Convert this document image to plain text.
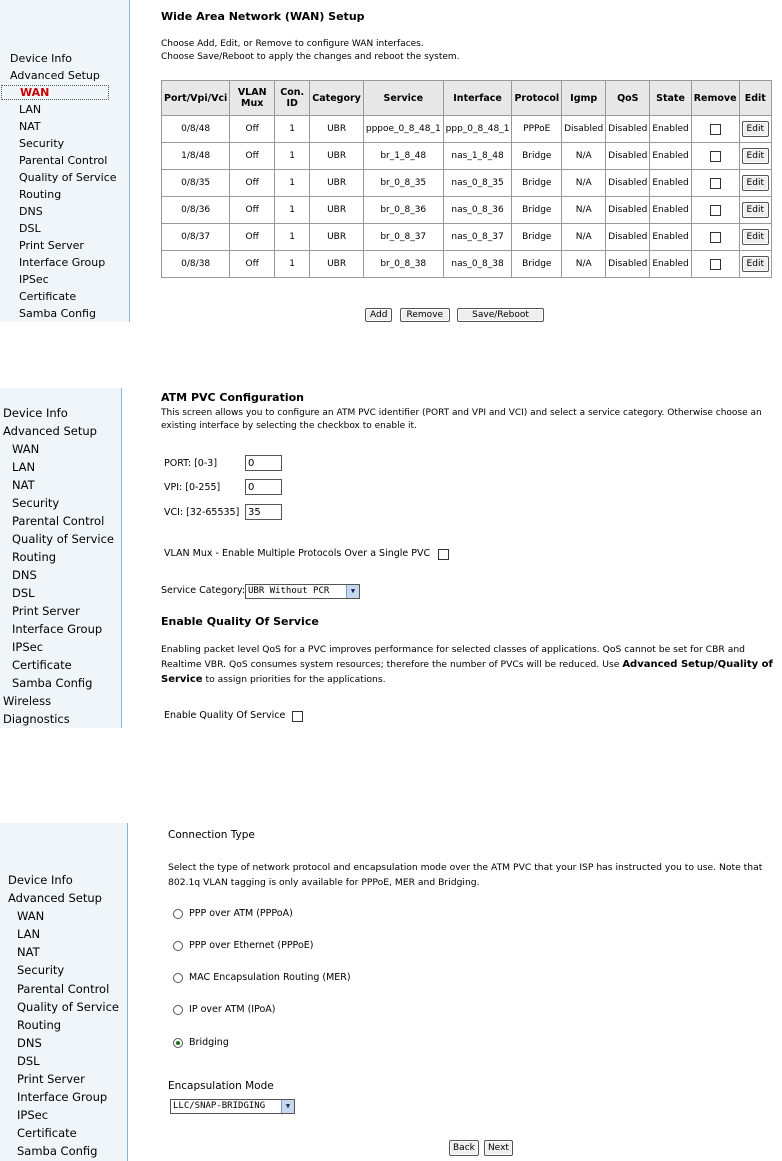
Device Info
Advanced Setup
WAN
LAN
NAT
Security
Parental Control
Quality of Service
Routing
DNS
DSL
Print Server
Interface Group
IPSec
Certificate
Samba Config
Wide Area Network (WAN) Setup
Choose Add, Edit, or Remove to configure WAN interfaces.
Choose Save/Reboot to apply the changes and reboot the system.
Port/Vpi/Vci	VLAN Mux	Con. ID	Category	Service	Interface	Protocol	Igmp	QoS	State	Remove	Edit
0/8/48	Off	1	UBR	pppoe_0_8_48_1	ppp_0_8_48_1	PPPoE	Disabled	Disabled	Enabled		Edit
1/8/48	Off	1	UBR	br_1_8_48	nas_1_8_48	Bridge	N/A	Disabled	Enabled		Edit
0/8/35	Off	1	UBR	br_0_8_35	nas_0_8_35	Bridge	N/A	Disabled	Enabled		Edit
0/8/36	Off	1	UBR	br_0_8_36	nas_0_8_36	Bridge	N/A	Disabled	Enabled		Edit
0/8/37	Off	1	UBR	br_0_8_37	nas_0_8_37	Bridge	N/A	Disabled	Enabled		Edit
0/8/38	Off	1	UBR	br_0_8_38	nas_0_8_38	Bridge	N/A	Disabled	Enabled		Edit
Add Remove	Save/Reboot
Device Info
Advanced Setup
WAN
LAN
NAT
Security
Parental Control
Quality of Service
Routing
DNS
DSL
Print Server
Interface Group
IPSec
Certificate
Samba Config
Wireless
Diagnostics
ATM PVC Configuration
This screen allows you to configure an ATM PVC identifier (PORT and VPI and VCI) and select a service category. Otherwise choose an existing interface by selecting the checkbox to enable it.
PORT: [0-3]
0
VPI: [0-255]
0
VCI: [32-65535]
35
VLAN Mux - Enable Multiple Protocols Over a Single PVC
Service Category: UBR Without PCR	▼
Enable Quality Of Service
Enabling packet level QoS for a PVC improves performance for selected classes of applications. QoS cannot be set for CBR and Realtime VBR. QoS consumes system resources; therefore the number of PVCs will be reduced. Use Advanced Setup/Quality of Service to assign priorities for the applications.
Enable Quality Of Service
Device Info
Advanced Setup
WAN
LAN
NAT
Security
Parental Control
Quality of Service
Routing
DNS
DSL
Print Server
Interface Group
IPSec
Certificate
Samba Config
Connection Type
Select the type of network protocol and encapsulation mode over the ATM PVC that your ISP has instructed you to use. Note that 802.1q VLAN tagging is only available for PPPoE, MER and Bridging.
PPP over ATM (PPPoA)
PPP over Ethernet (PPPoE)
MAC Encapsulation Routing (MER)
IP over ATM (IPoA)
Bridging
Encapsulation Mode
LLC/SNAP-BRIDGING	▼
Back Next
